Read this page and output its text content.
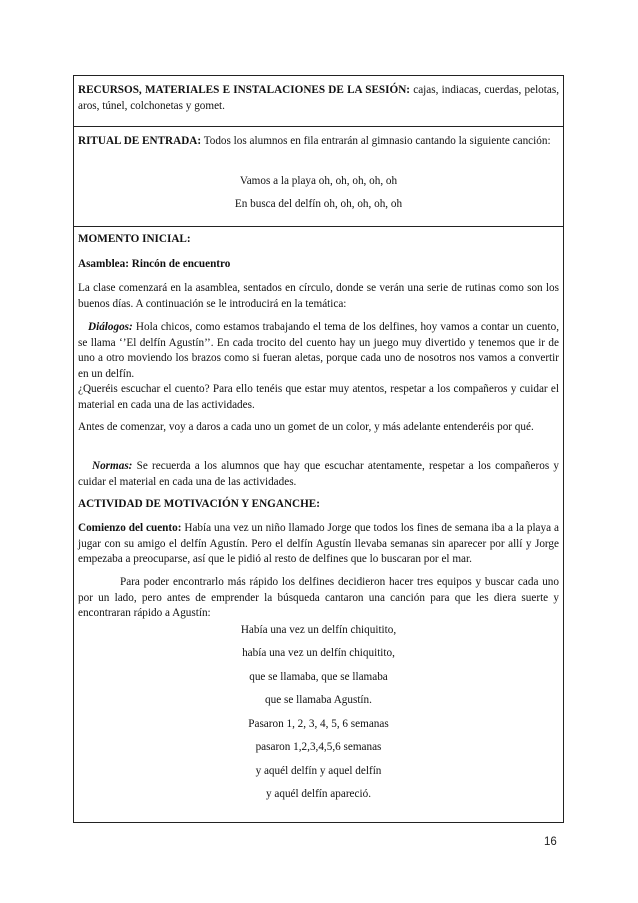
RECURSOS, MATERIALES E INSTALACIONES DE LA SESIÓN: cajas, indiacas, cuerdas, pelotas, aros, túnel, colchonetas y gomet.
RITUAL DE ENTRADA: Todos los alumnos en fila entrarán al gimnasio cantando la siguiente canción:
Vamos a la playa oh, oh, oh, oh, oh
En busca del delfín oh, oh, oh, oh, oh
MOMENTO INICIAL:
Asamblea: Rincón de encuentro
La clase comenzará en la asamblea, sentados en círculo, donde se verán una serie de rutinas como son los buenos días. A continuación se le introducirá en la temática:
Diálogos: Hola chicos, como estamos trabajando el tema de los delfines, hoy vamos a contar un cuento, se llama ‘’El delfín Agustín’’. En cada trocito del cuento hay un juego muy divertido y tenemos que ir de uno a otro moviendo los brazos como si fueran aletas, porque cada uno de nosotros nos vamos a convertir en un delfín.
¿Queréis escuchar el cuento? Para ello tenéis que estar muy atentos, respetar a los compañeros y cuidar el material en cada una de las actividades.
Antes de comenzar, voy a daros a cada uno un gomet de un color, y más adelante entenderéis por qué.
Normas: Se recuerda a los alumnos que hay que escuchar atentamente, respetar a los compañeros y cuidar el material en cada una de las actividades.
ACTIVIDAD DE MOTIVACIÓN Y ENGANCHE:
Comienzo del cuento: Había una vez un niño llamado Jorge que todos los fines de semana iba a la playa a jugar con su amigo el delfín Agustín. Pero el delfín Agustín llevaba semanas sin aparecer por allí y Jorge empezaba a preocuparse, así que le pidió al resto de delfines que lo buscaran por el mar.
Para poder encontrarlo más rápido los delfines decidieron hacer tres equipos y buscar cada uno por un lado, pero antes de emprender la búsqueda cantaron una canción para que les diera suerte y encontraran rápido a Agustín:
Había una vez un delfín chiquitito,
había una vez un delfín chiquitito,
que se llamaba, que se llamaba
que se llamaba Agustín.
Pasaron 1, 2, 3, 4, 5, 6 semanas
pasaron 1,2,3,4,5,6 semanas
y aquél delfín y aquel delfín
y aquél delfín apareció.
16
